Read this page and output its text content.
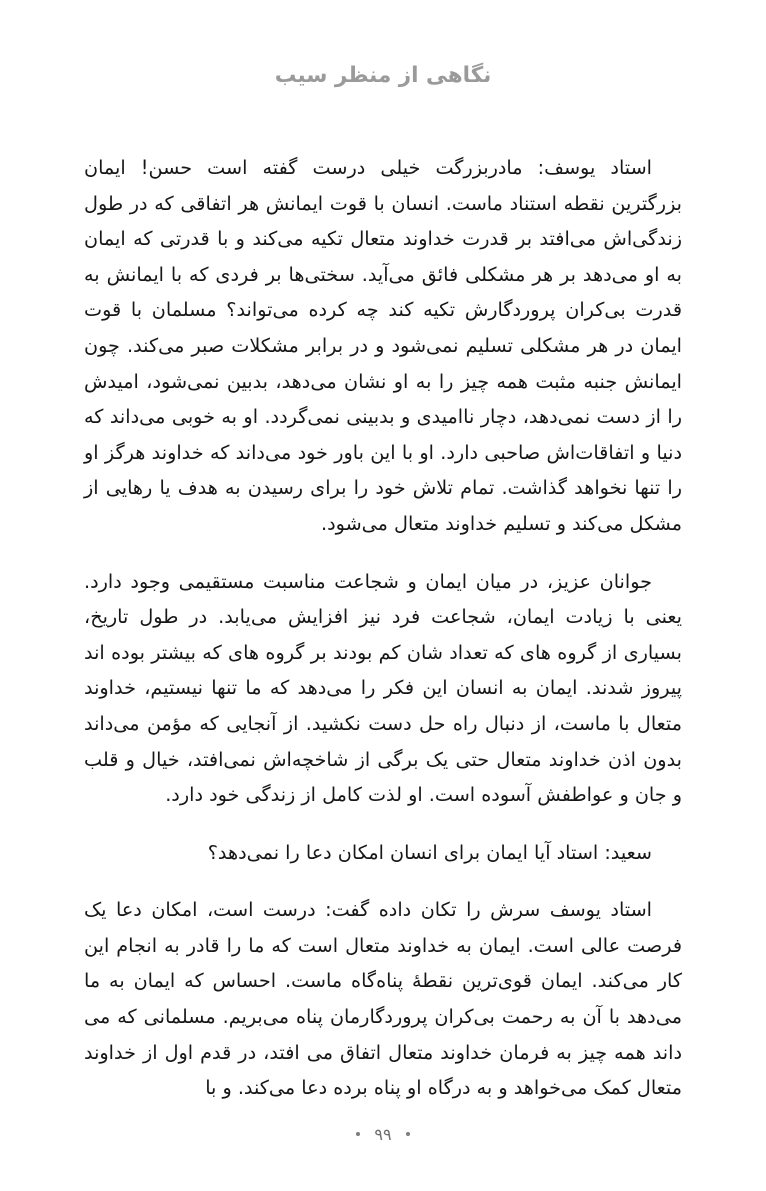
نگاهی از منظر سیب

استاد یوسف: مادربزرگت خیلی درست گفته است حسن! ایمان بزرگترین نقطه استناد ماست. انسان با قوت ایمانش هر اتفاقی که در طول زندگی‌اش می‌افتد بر قدرت خداوند متعال تکیه می‌کند و با قدرتی که ایمان به او می‌دهد بر هر مشکلی فائق می‌آید. سختی‌ها بر فردی که با ایمانش به قدرت بی‌کران پروردگارش تکیه کند چه کرده می‌تواند؟ مسلمان با قوت ایمان در هر مشکلی تسلیم نمی‌شود و در برابر مشکلات صبر می‌کند. چون ایمانش جنبه مثبت همه چیز را به او نشان می‌دهد، بدبین نمی‌شود، امیدش را از دست نمی‌دهد، دچار ناامیدی و بدبینی نمی‌گردد. او به خوبی می‌داند که دنیا و اتفاقات‌اش صاحبی دارد. او با این باور خود می‌داند که خداوند هرگز او را تنها نخواهد گذاشت. تمام تلاش خود را برای رسیدن به هدف یا رهایی از مشکل می‌کند و تسلیم خداوند متعال می‌شود.

جوانان عزیز، در میان ایمان و شجاعت مناسبت مستقیمی وجود دارد. یعنی با زیادت ایمان، شجاعت فرد نیز افزایش می‌یابد. در طول تاریخ، بسیاری از گروه های که تعداد شان کم بودند بر گروه های که بیشتر بوده اند پیروز شدند. ایمان به انسان این فکر را می‌دهد که ما تنها نیستیم، خداوند متعال با ماست، از دنبال راه حل دست نکشید. از آنجایی که مؤمن می‌داند بدون اذن خداوند متعال حتی یک برگی از شاخچه‌اش نمی‌افتد، خیال و قلب و جان و عواطفش آسوده است. او لذت کامل از زندگی خود دارد.

سعید: استاد آیا ایمان برای انسان امکان دعا را نمی‌دهد؟

استاد یوسف سرش را تکان داده گفت: درست است، امکان دعا یک فرصت عالی است. ایمان به خداوند متعال است که ما را قادر به انجام این کار می‌کند. ایمان قوی‌ترین نقطهٔ پناه‌گاه ماست. احساس که ایمان به ما می‌دهد با آن به رحمت بی‌کران پروردگارمان پناه می‌بریم. مسلمانی که می داند همه چیز به فرمان خداوند متعال اتفاق می افتد، در قدم اول از خداوند متعال کمک می‌خواهد و به درگاه او پناه برده دعا می‌کند. و با

۹۹
